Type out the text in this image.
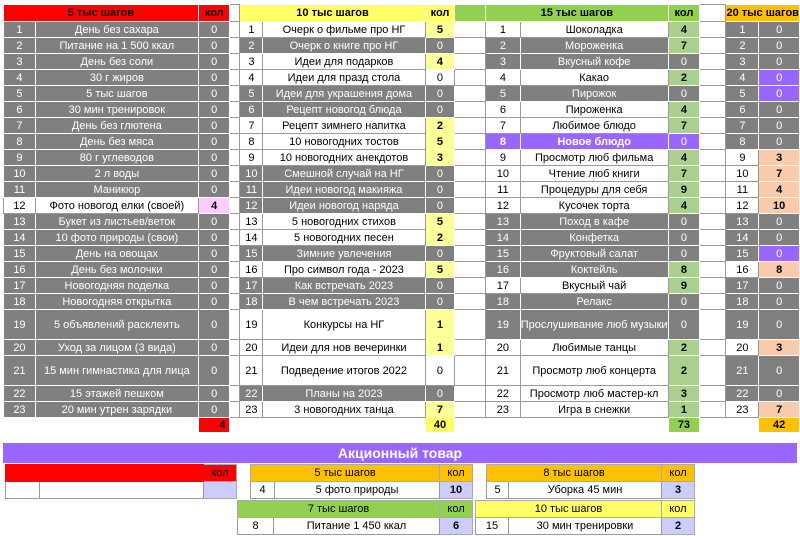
5 тыс шагов		кол		10 тыс шагов		кол		15 тыс шагов		кол		20 тыс шагов	
1	День без сахара	0		1	Очерк о фильме про НГ	5		1	Шоколадка	4		1	0
2	Питание на 1 500 ккал	0		2	Очерк о книге про НГ	0		2	Мороженка	7		2	0
3	День без соли	0		3	Идеи для подарков	4		3	Вкусный кофе	0		3	0
4	30 г жиров	0		4	Идеи для празд стола	0		4	Какао	2		4	0
5	5 тыс шагов	0		5	Идеи для украшения дома	0		5	Пирожок	0		5	0
6	30 мин тренировок	0		6	Рецепт новогод блюда	0		6	Пироженка	4		6	0
7	День без глютена	0		7	Рецепт зимнего напитка	2		7	Любимое блюдо	7		7	0
8	День без мяса	0		8	10 новогодних тостов	5		8	Новое блюдо	0		8	0
9	80 г углеводов	0		9	10 новогодних анекдотов	3		9	Просмотр люб фильма	4		9	3
10	2 л воды	0		10	Смешной случай на НГ	0		10	Чтение люб книги	7		10	7
11	Маникюр	0		11	Идеи новогод макияжа	0		11	Процедуры для себя	9		11	4
12	Фото новогод елки (своей)	4		12	Идеи новогод наряда	0		12	Кусочек торта	4		12	10
13	Букет из листьев/веток	0		13	5 новогодних стихов	5		13	Поход в кафе	0		13	0
14	10 фото природы (свои)	0		14	5 новогодних песен	2		14	Конфетка	0		14	0
15	День на овощах	0		15	Зимние увлечения	0		15	Фруктовый салат	0		15	0
16	День без молочки	0		16	Про символ года - 2023	5		16	Коктейль	8		16	8
17	Новогодняя поделка	0		17	Как встречать 2023	0		17	Вкусный чай	9		17	0
18	Новогодняя открытка	0		18	В чем встречать 2023	0		18	Релакс	0		18	0
19	5 объявлений расклеить	0		19	Конкурсы на НГ	1		19	Прослушивание люб музыки	0		19	0
20	Уход за лицом (3 вида)	0		20	Идеи для нов вечеринки	1		20	Любимые танцы	2		20	3
21	15 мин гимнастика для лица	0		21	Подведение итогов 2022	0		21	Просмотр люб концерта	2		21	0
22	15 этажей пешком	0		22	Планы на 2023	0		22	Просмотр люб мастер-кл	3		22	0
23	20 мин утрен зарядки	0		23	3 новогодних танца	7		23	Игра в снежки	1		23	7
		4				40				73			42
Акционный товар
		кол
			5 тыс шагов		кол
4	5 фото природы	10
8 тыс шагов		кол
5	Уборка 45 мин	3
7 тыс шагов		кол
8	Питание 1 450 ккал	6
10 тыс шагов		кол
15	30 мин тренировки	2
